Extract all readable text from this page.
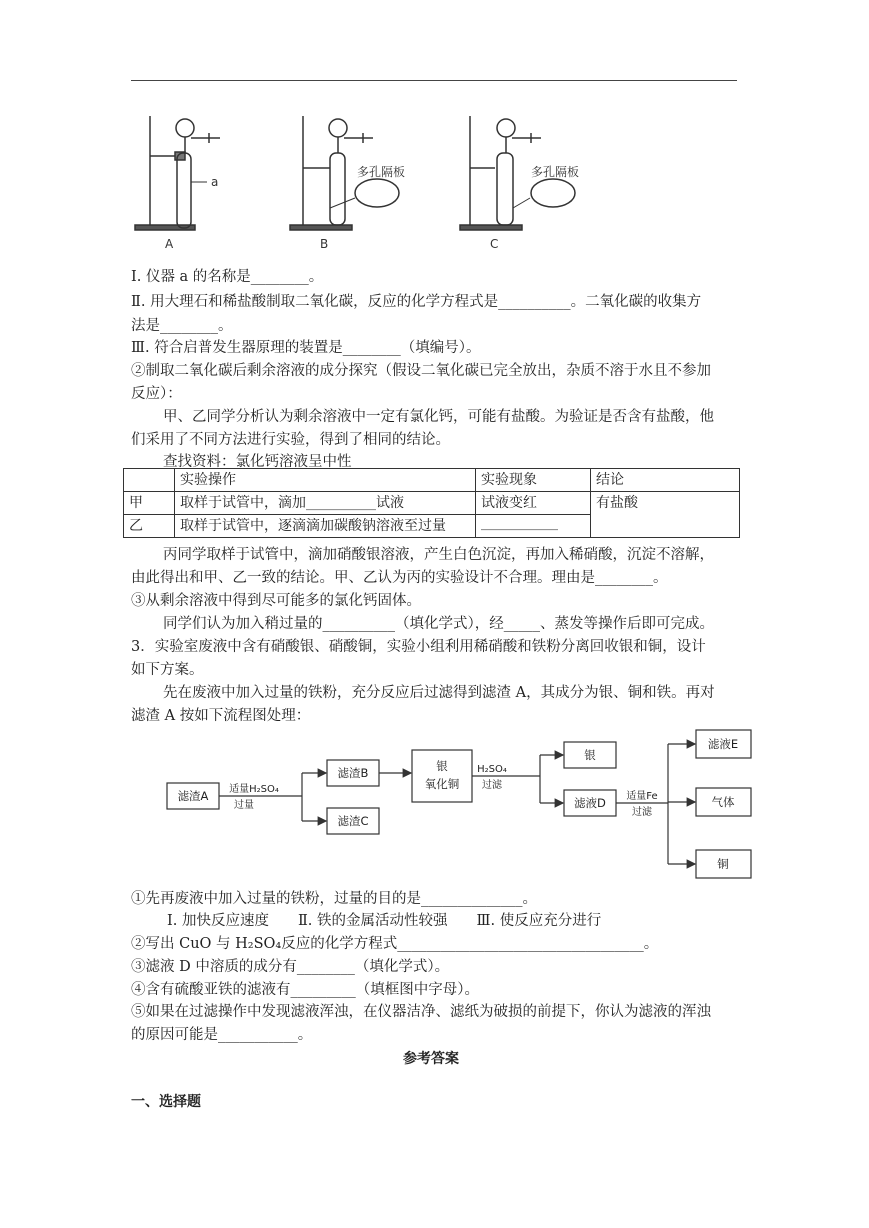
A	B	C
a
多孔隔板	多孔隔板
Ⅰ. 仪器 a 的名称是________。
Ⅱ. 用大理石和稀盐酸制取二氧化碳，反应的化学方程式是__________。二氧化碳的收集方
法是________。
Ⅲ. 符合启普发生器原理的装置是________（填编号）。
②制取二氧化碳后剩余溶液的成分探究（假设二氧化碳已完全放出，杂质不溶于水且不参加
反应）：
甲、乙同学分析认为剩余溶液中一定有氯化钙，可能有盐酸。为验证是否含有盐酸，他
们采用了不同方法进行实验，得到了相同的结论。
查找资料：氯化钙溶液呈中性
	实验操作	实验现象	结论
甲	取样于试管中，滴加__________试液	试液变红	有盐酸
乙	取样于试管中，逐滴滴加碳酸钠溶液至过量	___________	
丙同学取样于试管中，滴加硝酸银溶液，产生白色沉淀，再加入稀硝酸，沉淀不溶解，
由此得出和甲、乙一致的结论。甲、乙认为丙的实验设计不合理。理由是________。
③从剩余溶液中得到尽可能多的氯化钙固体。
同学们认为加入稍过量的__________（填化学式），经_____、蒸发等操作后即可完成。
3．实验室废液中含有硝酸银、硝酸铜，实验小组利用稀硝酸和铁粉分离回收银和铜，设计
如下方案。
先在废液中加入过量的铁粉，充分反应后过滤得到滤渣 A，其成分为银、铜和铁。再对
滤渣 A 按如下流程图处理：
滤渣A
滤渣B
滤渣C
银
氧化铜
银
滤液D
滤液E
气体
铜
适量H₂SO₄
过量
H₂SO₄
过滤
适量Fe
过滤
①先再废液中加入过量的铁粉，过量的目的是______________。
Ⅰ. 加快反应速度　　Ⅱ. 铁的金属活动性较强　　Ⅲ. 使反应充分进行
②写出 CuO 与 H₂SO₄反应的化学方程式__________________________________。
③滤液 D 中溶质的成分有________（填化学式）。
④含有硫酸亚铁的滤液有_________（填框图中字母）。
⑤如果在过滤操作中发现滤液浑浊，在仪器洁净、滤纸为破损的前提下，你认为滤液的浑浊
的原因可能是___________。
参考答案
一、选择题
